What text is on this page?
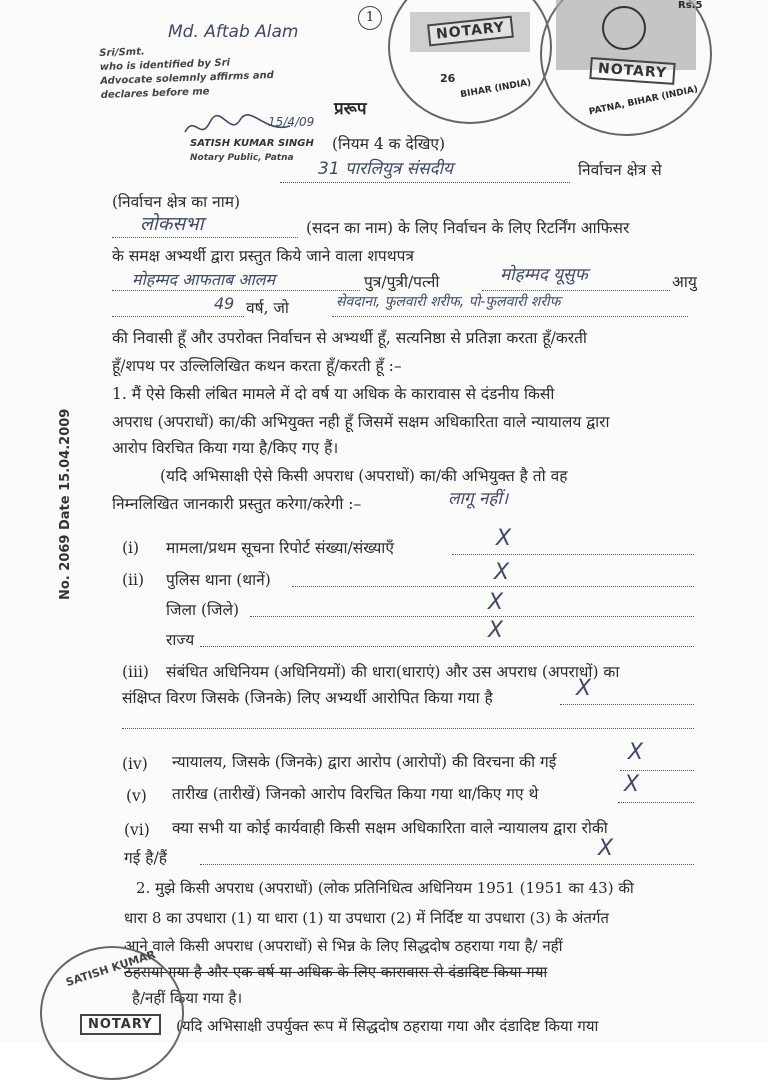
Md. Aftab Alam
1
Sri/Smt.
who is identified by Sri
Advocate solemnly affirms and
declares before me
15/4/09
SATISH KUMAR SINGH
Notary Public, Patna
NOTARY
26 BIHAR (INDIA)
NOTARY
Rs.5
PATNA, BIHAR (INDIA)
प्ररूप
(नियम 4 क देखिए)
31 पारलियुत्र संसदीय	निर्वाचन क्षेत्र से
(निर्वाचन क्षेत्र का नाम)
लोकसभा	(सदन का नाम) के लिए निर्वाचन के लिए रिटर्निंग आफिसर
के समक्ष अभ्यर्थी द्वारा प्रस्तुत किये जाने वाला शपथपत्र
मोहम्मद आफताब आलम	पुत्र/पुत्री/पत्नी	मोहम्मद यूसुफ	आयु
49 वर्ष, जो	सेवदाना, फुलवारी शरीफ, पो-फुलवारी शरीफ
की निवासी हूँ और उपरोक्त निर्वाचन से अभ्यर्थी हूँ, सत्यनिष्ठा से प्रतिज्ञा करता हूँ/करती
हूँ/शपथ पर उल्लिलिखित कथन करता हूँ/करती हूँ :–
1. मैं ऐसे किसी लंबित मामले में दो वर्ष या अधिक के कारावास से दंडनीय किसी
अपराध (अपराधों) का/की अभियुक्त नही हूँ जिसमें सक्षम अधिकारिता वाले न्यायालय द्वारा
आरोप विरचित किया गया है/किए गए हैं।
(यदि अभिसाक्षी ऐसे किसी अपराध (अपराधों) का/की अभियुक्त है तो वह
निम्नलिखित जानकारी प्रस्तुत करेगा/करेगी :–	लागू नहीं।
(i) मामला/प्रथम सूचना रिपोर्ट संख्या/संख्याएँ	X
(ii) पुलिस थाना (थानें)	X
जिला (जिले)	X
राज्य	X
(iii) संबंधित अधिनियम (अधिनियमों) की धारा(धाराएं) और उस अपराध (अपराधों) का
संक्षिप्त विरण जिसके (जिनके) लिए अभ्यर्थी आरोपित किया गया है	X
(iv) न्यायालय, जिसके (जिनके) द्वारा आरोप (आरोपों) की विरचना की गई	X
(v) तारीख (तारीखें) जिनको आरोप विरचित किया गया था/किए गए थे	X
(vi) क्या सभी या कोई कार्यवाही किसी सक्षम अधिकारिता वाले न्यायालय द्वारा रोकी
गई है/हैं	X
2. मुझे किसी अपराध (अपराधों) (लोक प्रतिनिधित्व अधिनियम 1951 (1951 का 43) की
धारा 8 का उपधारा (1) या धारा (1) या उपधारा (2) में निर्दिष्ट या उपधारा (3) के अंतर्गत
आने वाले किसी अपराध (अपराधों) से भिन्न के लिए सिद्धदोष ठहराया गया है/ नहीं
ठहराया गया है और एक वर्ष या अधिक के लिए कारावास से दंडादिष्ट किया गया
है/नहीं किया गया है।
(यदि अभिसाक्षी उपर्युक्त रूप में सिद्धदोष ठहराया गया और दंडादिष्ट किया गया
SATISH KUMAR
NOTARY
No. 2069 Date 15.04.2009
